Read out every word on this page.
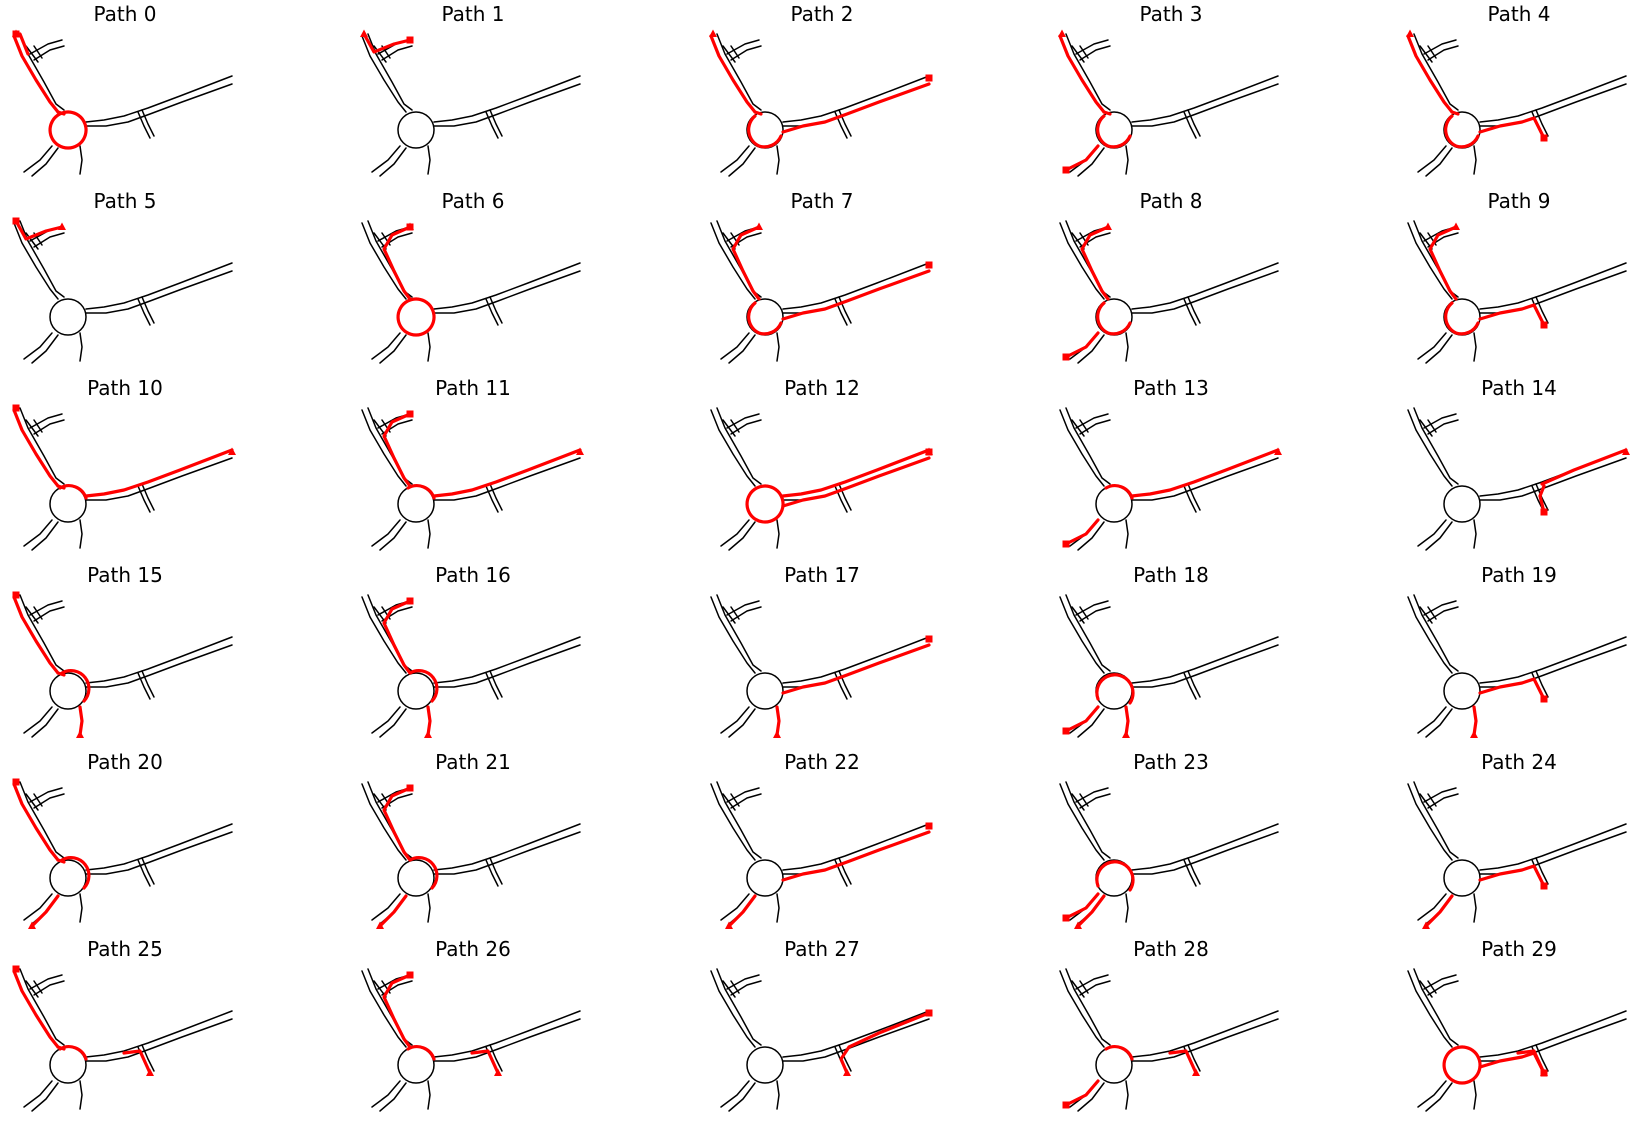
Path 0	Path 1	Path 2	Path 3	Path 4
Path 5	Path 6	Path 7	Path 8	Path 9
Path 10	Path 11	Path 12	Path 13	Path 14
Path 15	Path 16	Path 17	Path 18	Path 19
Path 20	Path 21	Path 22	Path 23	Path 24
Path 25	Path 26	Path 27	Path 28	Path 29
